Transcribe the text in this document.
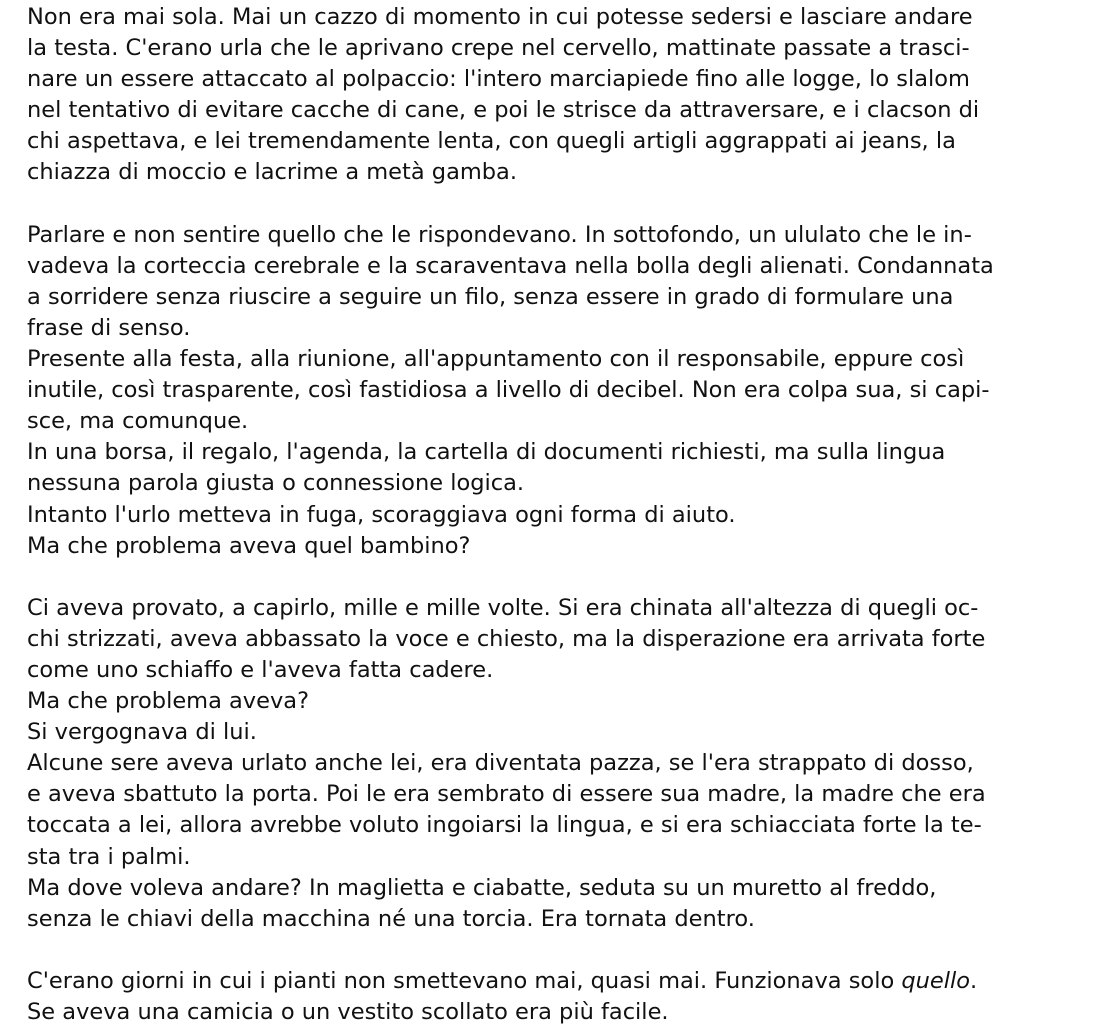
Non era mai sola. Mai un cazzo di momento in cui potesse sedersi e lasciare andare
la testa. C'erano urla che le aprivano crepe nel cervello, mattinate passate a trasci-
nare un essere attaccato al polpaccio: l'intero marciapiede fino alle logge, lo slalom
nel tentativo di evitare cacche di cane, e poi le strisce da attraversare, e i clacson di
chi aspettava, e lei tremendamente lenta, con quegli artigli aggrappati ai jeans, la
chiazza di moccio e lacrime a metà gamba.
Parlare e non sentire quello che le rispondevano. In sottofondo, un ululato che le in-
vadeva la corteccia cerebrale e la scaraventava nella bolla degli alienati. Condannata
a sorridere senza riuscire a seguire un filo, senza essere in grado di formulare una
frase di senso.
Presente alla festa, alla riunione, all'appuntamento con il responsabile, eppure così
inutile, così trasparente, così fastidiosa a livello di decibel. Non era colpa sua, si capi-
sce, ma comunque.
In una borsa, il regalo, l'agenda, la cartella di documenti richiesti, ma sulla lingua
nessuna parola giusta o connessione logica.
Intanto l'urlo metteva in fuga, scoraggiava ogni forma di aiuto.
Ma che problema aveva quel bambino?
Ci aveva provato, a capirlo, mille e mille volte. Si era chinata all'altezza di quegli oc-
chi strizzati, aveva abbassato la voce e chiesto, ma la disperazione era arrivata forte
come uno schiaffo e l'aveva fatta cadere.
Ma che problema aveva?
Si vergognava di lui.
Alcune sere aveva urlato anche lei, era diventata pazza, se l'era strappato di dosso,
e aveva sbattuto la porta. Poi le era sembrato di essere sua madre, la madre che era
toccata a lei, allora avrebbe voluto ingoiarsi la lingua, e si era schiacciata forte la te-
sta tra i palmi.
Ma dove voleva andare? In maglietta e ciabatte, seduta su un muretto al freddo,
senza le chiavi della macchina né una torcia. Era tornata dentro.
C'erano giorni in cui i pianti non smettevano mai, quasi mai. Funzionava solo quello.
Se aveva una camicia o un vestito scollato era più facile.
